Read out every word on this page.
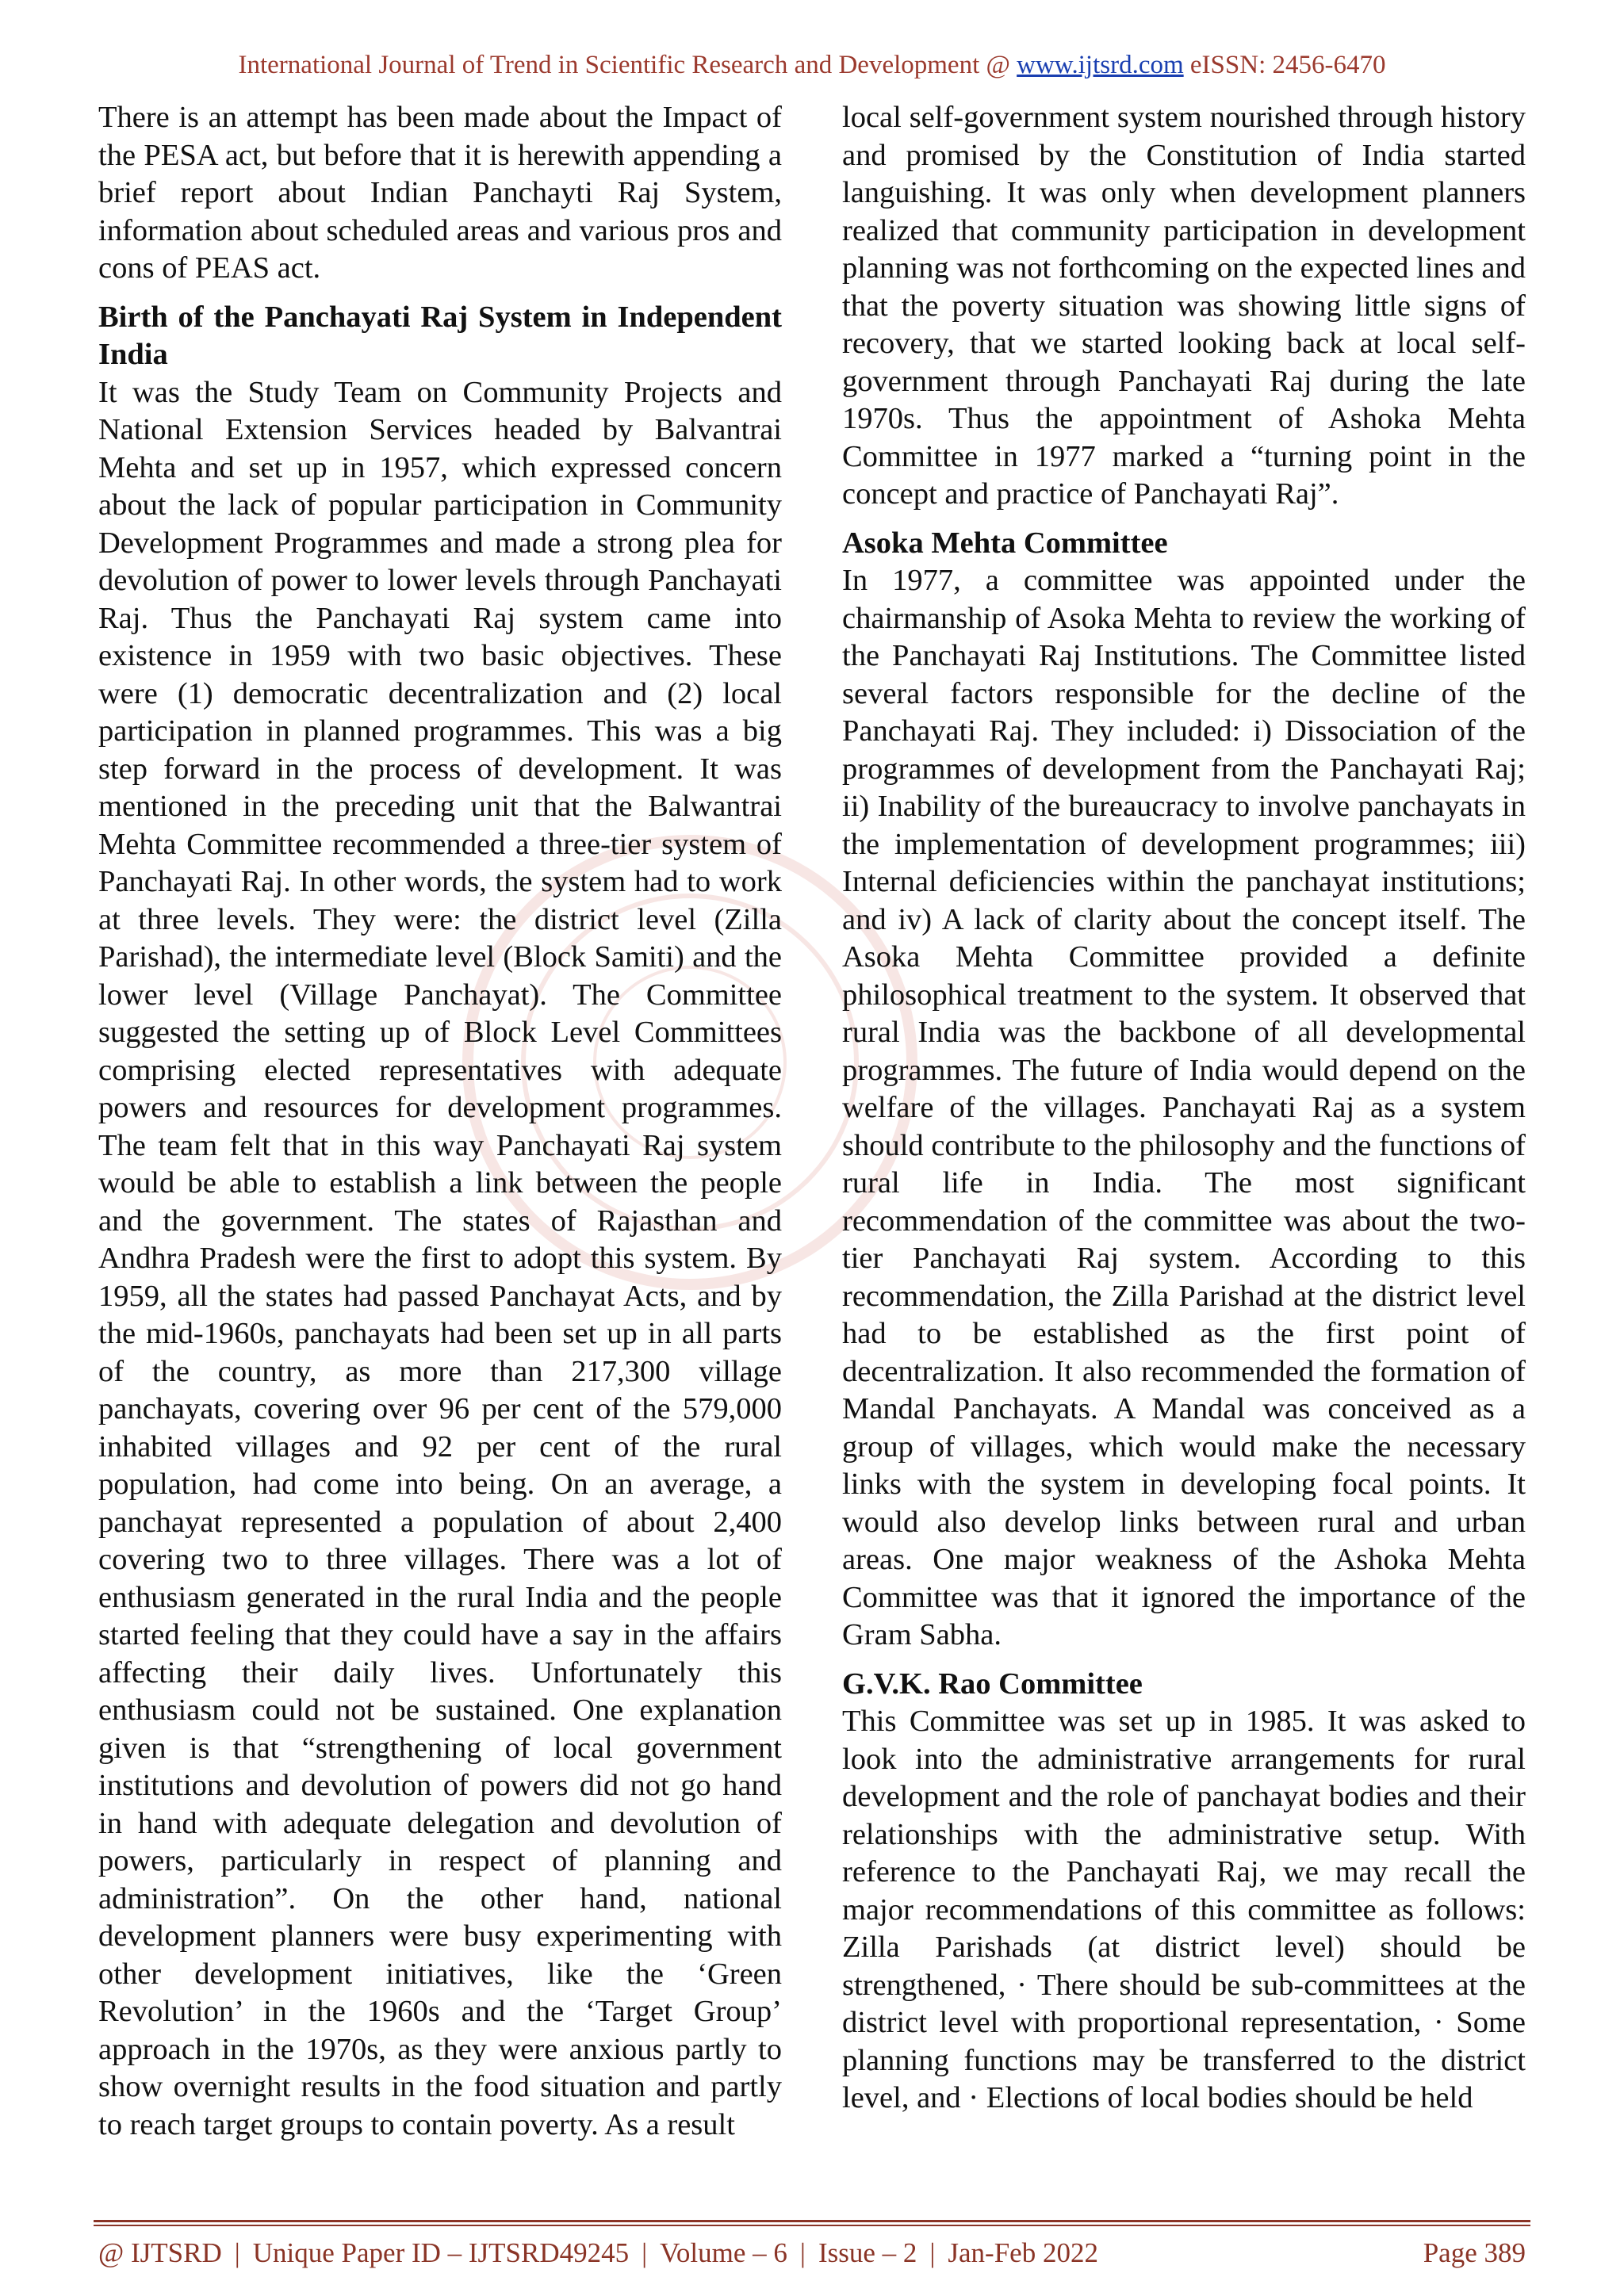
International Journal of Trend in Scientific Research and Development @ www.ijtsrd.com eISSN: 2456-6470

There is an attempt has been made about the Impact of the PESA act, but before that it is herewith appending a brief report about Indian Panchayti Raj System, information about scheduled areas and various pros and cons of PEAS act.

Birth of the Panchayati Raj System in Independent India

It was the Study Team on Community Projects and National Extension Services headed by Balvantrai Mehta and set up in 1957, which expressed concern about the lack of popular participation in Community Development Programmes and made a strong plea for devolution of power to lower levels through Panchayati Raj. Thus the Panchayati Raj system came into existence in 1959 with two basic objectives. These were (1) democratic decentralization and (2) local participation in planned programmes. This was a big step forward in the process of development. It was mentioned in the preceding unit that the Balwantrai Mehta Committee recommended a three-tier system of Panchayati Raj. In other words, the system had to work at three levels. They were: the district level (Zilla Parishad), the intermediate level (Block Samiti) and the lower level (Village Panchayat). The Committee suggested the setting up of Block Level Committees comprising elected representatives with adequate powers and resources for development programmes. The team felt that in this way Panchayati Raj system would be able to establish a link between the people and the government. The states of Rajasthan and Andhra Pradesh were the first to adopt this system. By 1959, all the states had passed Panchayat Acts, and by the mid-1960s, panchayats had been set up in all parts of the country, as more than 217,300 village panchayats, covering over 96 per cent of the 579,000 inhabited villages and 92 per cent of the rural population, had come into being. On an average, a panchayat represented a population of about 2,400 covering two to three villages. There was a lot of enthusiasm generated in the rural India and the people started feeling that they could have a say in the affairs affecting their daily lives. Unfortunately this enthusiasm could not be sustained. One explanation given is that “strengthening of local government institutions and devolution of powers did not go hand in hand with adequate delegation and devolution of powers, particularly in respect of planning and administration”. On the other hand, national development planners were busy experimenting with other development initiatives, like the ‘Green Revolution’ in the 1960s and the ‘Target Group’ approach in the 1970s, as they were anxious partly to show overnight results in the food situation and partly to reach target groups to contain poverty. As a result

local self-government system nourished through history and promised by the Constitution of India started languishing. It was only when development planners realized that community participation in development planning was not forthcoming on the expected lines and that the poverty situation was showing little signs of recovery, that we started looking back at local self-government through Panchayati Raj during the late 1970s. Thus the appointment of Ashoka Mehta Committee in 1977 marked a “turning point in the concept and practice of Panchayati Raj”.

Asoka Mehta Committee

In 1977, a committee was appointed under the chairmanship of Asoka Mehta to review the working of the Panchayati Raj Institutions. The Committee listed several factors responsible for the decline of the Panchayati Raj. They included: i) Dissociation of the programmes of development from the Panchayati Raj; ii) Inability of the bureaucracy to involve panchayats in the implementation of development programmes; iii) Internal deficiencies within the panchayat institutions; and iv) A lack of clarity about the concept itself. The Asoka Mehta Committee provided a definite philosophical treatment to the system. It observed that rural India was the backbone of all developmental programmes. The future of India would depend on the welfare of the villages. Panchayati Raj as a system should contribute to the philosophy and the functions of rural life in India. The most significant recommendation of the committee was about the two-tier Panchayati Raj system. According to this recommendation, the Zilla Parishad at the district level had to be established as the first point of decentralization. It also recommended the formation of Mandal Panchayats. A Mandal was conceived as a group of villages, which would make the necessary links with the system in developing focal points. It would also develop links between rural and urban areas. One major weakness of the Ashoka Mehta Committee was that it ignored the importance of the Gram Sabha.

G.V.K. Rao Committee

This Committee was set up in 1985. It was asked to look into the administrative arrangements for rural development and the role of panchayat bodies and their relationships with the administrative setup. With reference to the Panchayati Raj, we may recall the major recommendations of this committee as follows: Zilla Parishads (at district level) should be strengthened, · There should be sub-committees at the district level with proportional representation, · Some planning functions may be transferred to the district level, and · Elections of local bodies should be held

@ IJTSRD | Unique Paper ID – IJTSRD49245 | Volume – 6 | Issue – 2 | Jan-Feb 2022	Page 389
